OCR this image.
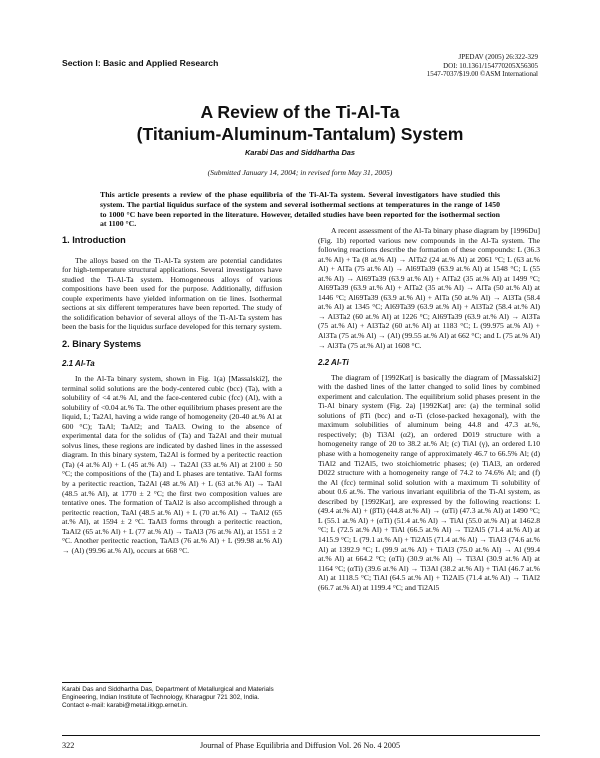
Section I: Basic and Applied Research
JPEDAV (2005) 26:322-329
DOI: 10.1361/154770205X56305
1547-7037/$19.00 ©ASM International
A Review of the Ti-Al-Ta
(Titanium-Aluminum-Tantalum) System
Karabi Das and Siddhartha Das
(Submitted January 14, 2004; in revised form May 31, 2005)

This article presents a review of the phase equilibria of the Ti-Al-Ta system. Several investigators have studied this system. The partial liquidus surface of the system and several isothermal sections at temperatures in the range of 1450 to 1000 °C have been reported in the literature. However, detailed studies have been reported for the isothermal section at 1100 °C.

1. Introduction

The alloys based on the Ti-Al-Ta system are potential candidates for high-temperature structural applications. Several investigators have studied the Ti-Al-Ta system. Homogeneous alloys of various compositions have been used for the purpose. Additionally, diffusion couple experiments have yielded information on tie lines. Isothermal sections at six different temperatures have been reported. The study of the solidification behavior of several alloys of the Ti-Al-Ta system has been the basis for the liquidus surface developed for this ternary system.

2. Binary Systems
2.1 Al-Ta

In the Al-Ta binary system, shown in Fig. 1(a) [Massalski2], the terminal solid solutions are the body-centered cubic (bcc) (Ta), with a solubility of <4 at.% Al, and the face-centered cubic (fcc) (Al), with a solubility of <0.04 at.% Ta. The other equilibrium phases present are the liquid, L; Ta2Al, having a wide range of homogeneity (20-40 at.% Al at 600 °C); TaAl; TaAl2; and TaAl3. Owing to the absence of experimental data for the solidus of (Ta) and Ta2Al and their mutual solvus lines, these regions are indicated by dashed lines in the assessed diagram. In this binary system, Ta2Al is formed by a peritectic reaction (Ta) (4 at.% Al) + L (45 at.% Al) → Ta2Al (33 at.% Al) at 2100 ± 50 °C; the compositions of the (Ta) and L phases are tentative. TaAl forms by a peritectic reaction, Ta2Al (48 at.% Al) + L (63 at.% Al) → TaAl (48.5 at.% Al), at 1770 ± 2 °C; the first two composition values are tentative ones. The formation of TaAl2 is also accomplished through a peritectic reaction, TaAl (48.5 at.% Al) + L (70 at.% Al) → TaAl2 (65 at.% Al), at 1594 ± 2 °C. TaAl3 forms through a peritectic reaction, TaAl2 (65 at.% Al) + L (77 at.% Al) → TaAl3 (76 at.% Al), at 1551 ± 2 °C. Another peritectic reaction, TaAl3 (76 at.% Al) + L (99.98 at.% Al) → (Al) (99.96 at.% Al), occurs at 668 °C.

A recent assessment of the Al-Ta binary phase diagram by [1996Du] (Fig. 1b) reported various new compounds in the Al-Ta system. The following reactions describe the formation of these compounds: L (36.3 at.% Al) + Ta (8 at.% Al) → AlTa2 (24 at.% Al) at 2061 °C; L (63 at.% Al) + AlTa (75 at.% Al) → Al69Ta39 (63.9 at.% Al) at 1548 °C; L (55 at.% Al) → Al69Ta39 (63.9 at.% Al) + AlTa2 (35 at.% Al) at 1499 °C; Al69Ta39 (63.9 at.% Al) + AlTa2 (35 at.% Al) → AlTa (50 at.% Al) at 1446 °C; Al69Ta39 (63.9 at.% Al) + AlTa (50 at.% Al) → Al3Ta (58.4 at.% Al) at 1345 °C; Al69Ta39 (63.9 at.% Al) + Al3Ta2 (58.4 at.% Al) → Al3Ta2 (60 at.% Al) at 1226 °C; Al69Ta39 (63.9 at.% Al) → Al3Ta (75 at.% Al) + Al3Ta2 (60 at.% Al) at 1183 °C; L (99.975 at.% Al) + Al3Ta (75 at.% Al) → (Al) (99.55 at.% Al) at 662 °C; and L (75 at.% Al) → Al3Ta (75 at.% Al) at 1608 °C.

2.2 Al-Ti

The diagram of [1992Kat] is basically the diagram of [Massalski2] with the dashed lines of the latter changed to solid lines by combined experiment and calculation. The equilibrium solid phases present in the Ti-Al binary system (Fig. 2a) [1992Kat] are: (a) the terminal solid solutions of βTi (bcc) and α-Ti (close-packed hexagonal), with the maximum solubilities of aluminum being 44.8 and 47.3 at.%, respectively; (b) Ti3Al (α2), an ordered D019 structure with a homogeneity range of 20 to 38.2 at.% Al; (c) TiAl (γ), an ordered L10 phase with a homogeneity range of approximately 46.7 to 66.5% Al; (d) TiAl2 and Ti2Al5, two stoichiometric phases; (e) TiAl3, an ordered D022 structure with a homogeneity range of 74.2 to 74.6% Al; and (f) the Al (fcc) terminal solid solution with a maximum Ti solubility of about 0.6 at.%. The various invariant equilibria of the Ti-Al system, as described by [1992Kat], are expressed by the following reactions: L (49.4 at.% Al) + (βTi) (44.8 at.% Al) → (αTi) (47.3 at.% Al) at 1490 °C; L (55.1 at.% Al) + (αTi) (51.4 at.% Al) → TiAl (55.0 at.% Al) at 1462.8 °C; L (72.5 at.% Al) + TiAl (66.5 at.% Al) → Ti2Al5 (71.4 at.% Al) at 1415.9 °C; L (79.1 at.% Al) + Ti2Al5 (71.4 at.% Al) → TiAl3 (74.6 at.% Al) at 1392.9 °C; L (99.9 at.% Al) + TiAl3 (75.0 at.% Al) → Al (99.4 at.% Al) at 664.2 °C; (αTi) (30.9 at.% Al) → Ti3Al (30.9 at.% Al) at 1164 °C; (αTi) (39.6 at.% Al) → Ti3Al (38.2 at.% Al) + TiAl (46.7 at.% Al) at 1118.5 °C; TiAl (64.5 at.% Al) + Ti2Al5 (71.4 at.% Al) → TiAl2 (66.7 at.% Al) at 1199.4 °C; and Ti2Al5

Karabi Das and Siddhartha Das, Department of Metallurgical and Materials Engineering, Indian Institute of Technology, Kharagpur 721 302, India. Contact e-mail: karabi@metal.iitkgp.ernet.in.

322	Journal of Phase Equilibria and Diffusion Vol. 26 No. 4 2005
